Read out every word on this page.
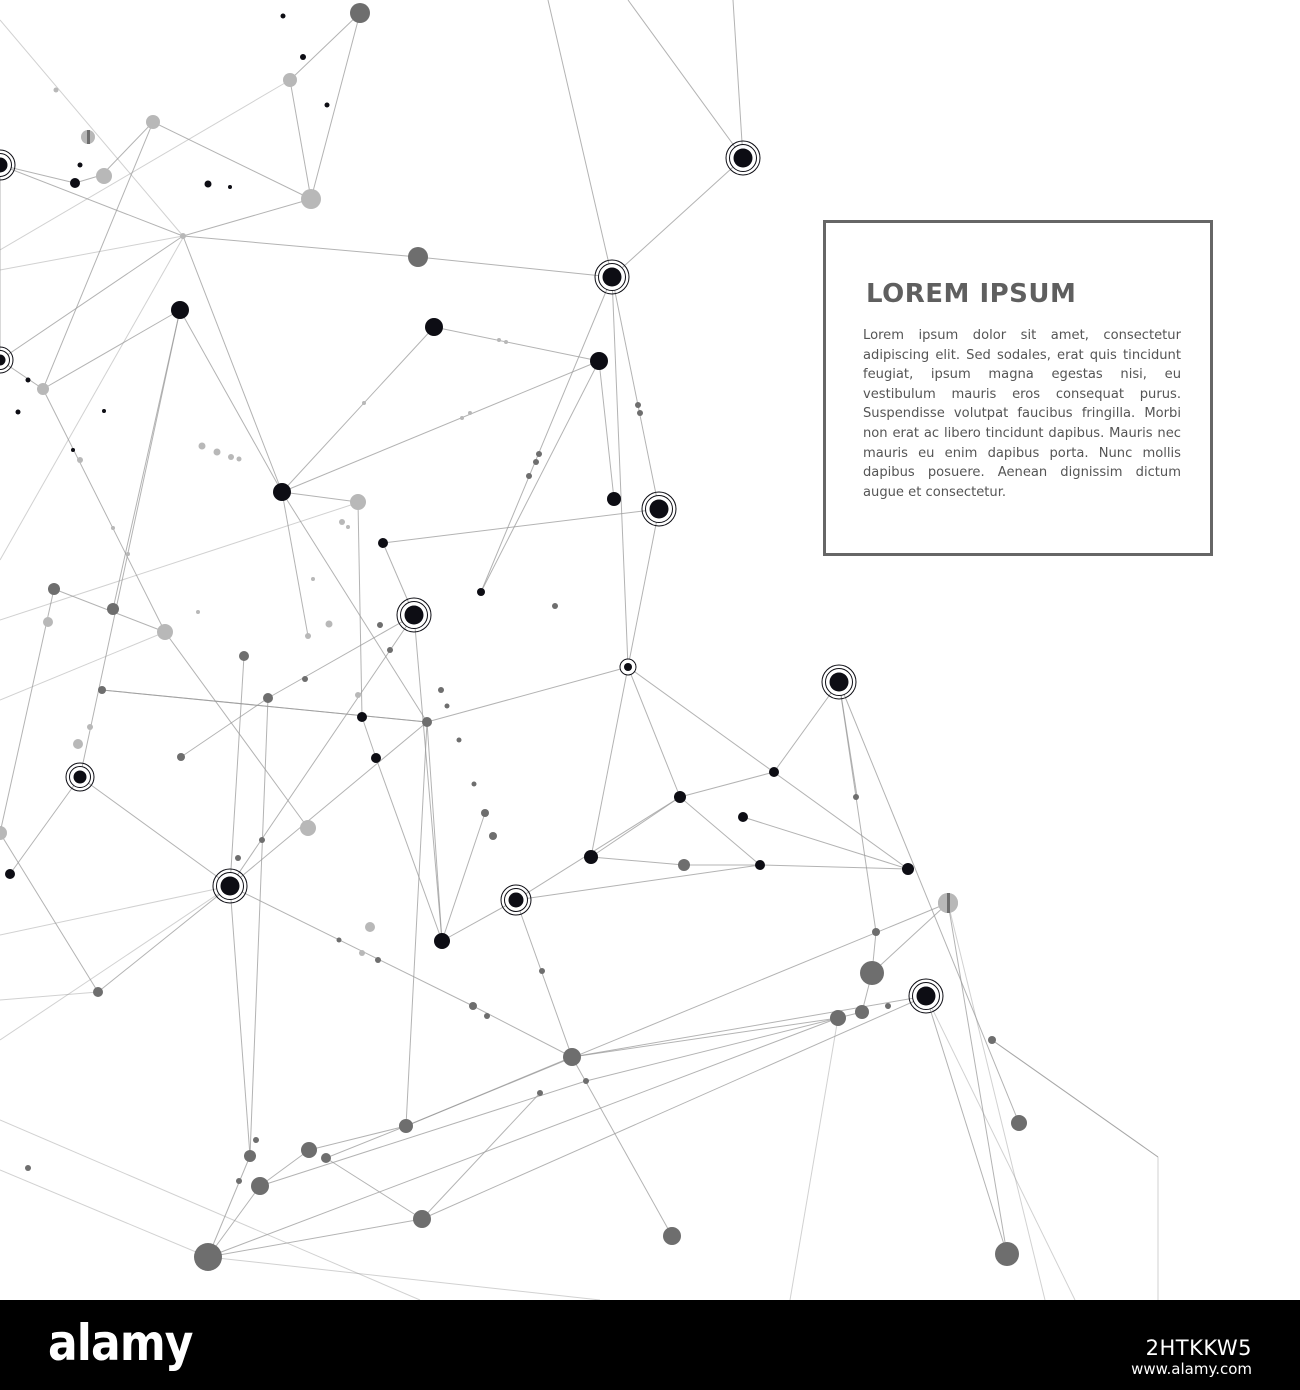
LOREM IPSUM

Lorem ipsum dolor sit amet, consectetur adipiscing elit. Sed sodales, erat quis tincidunt feugiat, ipsum magna egestas nisi, eu vestibulum mauris eros consequat purus. Suspendisse volutpat faucibus fringilla. Morbi non erat ac libero tincidunt dapibus. Mauris nec mauris eu enim dapibus porta. Nunc mollis dapibus posuere. Aenean dignissim dictum augue et consectetur.

alamy	2HTKKW5
www.alamy.com
